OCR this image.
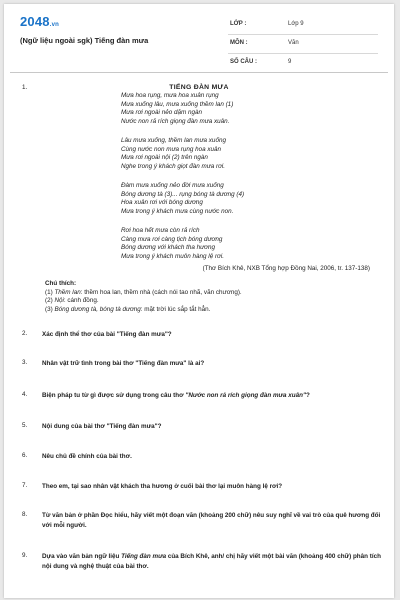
2048.vn
(Ngữ liệu ngoài sgk) Tiếng đàn mưa
LỚP :	Lớp 9
MÔN :	Văn
SỐ CÂU :	9
1.	TIẾNG ĐÀN MƯA
Mưa hoa rụng, mưa hoa xuân rụng
Mưa xuống lâu, mưa xuống thềm lan (1)
Mưa rơi ngoài nẻo dặm ngàn
Nước non rả rích giọng đàn mưa xuân.
Lâu mưa xuống, thềm lan mưa xuống
Cùng nước non mưa rụng hoa xuân
Mưa rơi ngoài nội (2) trên ngàn
Nghe trong ý khách giọt đàn mưa rơi.
Đàm mưa xuống nẻo đời mưa xuống
Bóng dương tà (3)... rụng bóng tà dương (4)
Hoa xuân rơi với bóng dương
Mưa trong ý khách mưa cùng nước non.
Rơi hoa hết mưa còn rả rích
Càng mưa rơi càng tịch bóng dương
Bóng dương với khách tha hương
Mưa trong ý khách muôn hàng lệ rơi.
(Thơ Bích Khê, NXB Tổng hợp Đồng Nai, 2006, tr. 137-138)
Chú thích:
(1) Thềm lan: thềm hoa lan, thềm nhà (cách nói tao nhã, văn chương).
(2) Nội: cánh đồng.
(3) Bóng dương tà, bóng tà dương: mặt trời lúc sắp tắt hẳn.
2. Xác định thể thơ của bài "Tiếng đàn mưa"?
3. Nhân vật trữ tình trong bài thơ "Tiếng đàn mưa" là ai?
4. Biện pháp tu từ gì được sử dụng trong câu thơ "Nước non rả rích giọng đàn mưa xuân"?
5. Nội dung của bài thơ "Tiếng đàn mưa"?
6. Nêu chủ đề chính của bài thơ.
7. Theo em, tại sao nhân vật khách tha hương ở cuối bài thơ lại muôn hàng lệ rơi?
8. Từ văn bản ở phần Đọc hiểu, hãy viết một đoạn văn (khoảng 200 chữ) nêu suy nghĩ về vai trò của quê hương đối với mỗi người.
9. Dựa vào văn bản ngữ liệu Tiếng đàn mưa của Bích Khê, anh/ chị hãy viết một bài văn (khoảng 400 chữ) phân tích nội dung và nghệ thuật của bài thơ.
